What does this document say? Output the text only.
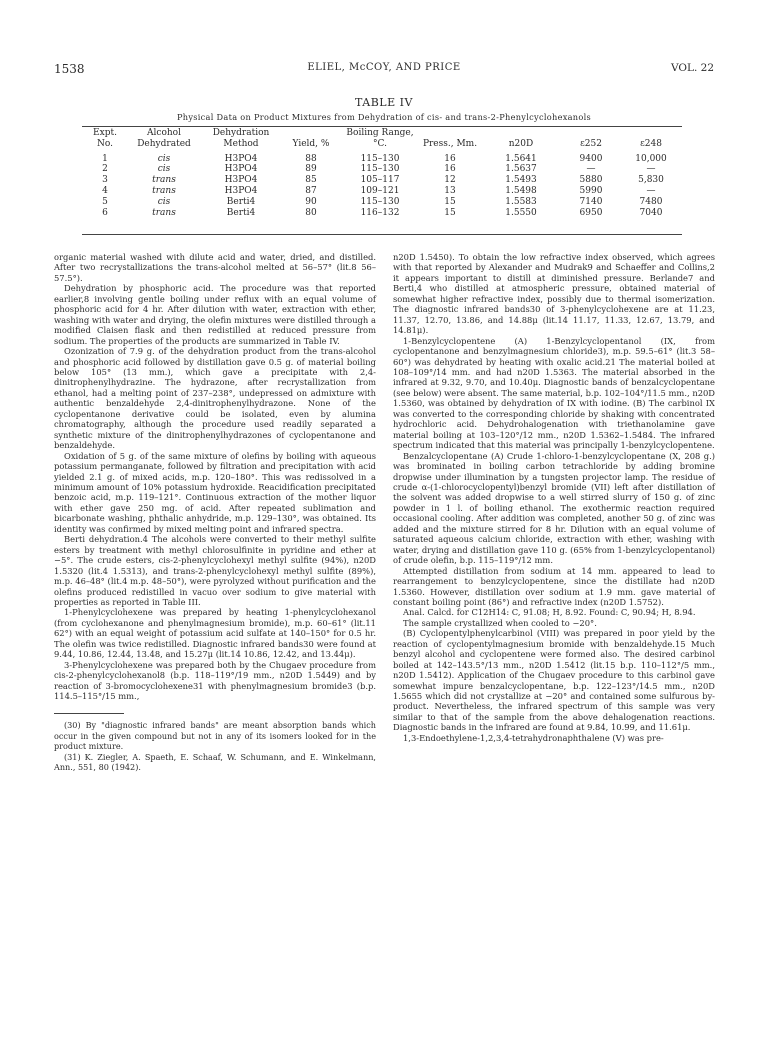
1538	ELIEL, McCOY, AND PRICE	VOL. 22
TABLE IV
Physical Data on Product Mixtures from Dehydration of cis- and trans-2-Phenylcyclohexanols
Expt. No.	Alcohol Dehydrated	Dehydration Method	Yield, %	Boiling Range, °C.	Press., Mm.	n20D	ε252	ε248
1	cis	H3PO4	88	115–130	16	1.5641	9400	10,000
2	cis	H3PO4	89	115–130	16	1.5637	—	—
3	trans	H3PO4	85	105–117	12	1.5493	5880	5,830
4	trans	H3PO4	87	109–121	13	1.5498	5990	—
5	cis	Berti4	90	115–130	15	1.5583	7140	7480
6	trans	Berti4	80	116–132	15	1.5550	6950	7040

organic material washed with dilute acid and water, dried, and distilled. After two recrystallizations the trans-alcohol melted at 56–57° (lit.8 56–57.5°).

Dehydration by phosphoric acid. The procedure was that reported earlier,8 involving gentle boiling under reflux with an equal volume of phosphoric acid for 4 hr. After dilution with water, extraction with ether, washing with water and drying, the olefin mixtures were distilled through a modified Claisen flask and then redistilled at reduced pressure from sodium. The properties of the products are summarized in Table IV.

Ozonization of 7.9 g. of the dehydration product from the trans-alcohol and phosphoric acid followed by distillation gave 0.5 g. of material boiling below 105° (13 mm.), which gave a precipitate with 2,4-dinitrophenylhydrazine. The hydrazone, after recrystallization from ethanol, had a melting point of 237–238°, undepressed on admixture with authentic benzaldehyde 2,4-dinitrophenylhydrazone. None of the cyclopentanone derivative could be isolated, even by alumina chromatography, although the procedure used readily separated a synthetic mixture of the dinitrophenylhydrazones of cyclopentanone and benzaldehyde.

Oxidation of 5 g. of the same mixture of olefins by boiling with aqueous potassium permanganate, followed by filtration and precipitation with acid yielded 2.1 g. of mixed acids, m.p. 120–180°. This was redissolved in a minimum amount of 10% potassium hydroxide. Reacidification precipitated benzoic acid, m.p. 119–121°. Continuous extraction of the mother liquor with ether gave 250 mg. of acid. After repeated sublimation and bicarbonate washing, phthalic anhydride, m.p. 129–130°, was obtained. Its identity was confirmed by mixed melting point and infrared spectra.

Berti dehydration.4 The alcohols were converted to their methyl sulfite esters by treatment with methyl chlorosulfinite in pyridine and ether at −5°. The crude esters, cis-2-phenylcyclohexyl methyl sulfite (94%), n20D 1.5320 (lit.4 1.5313), and trans-2-phenylcyclohexyl methyl sulfite (89%), m.p. 46–48° (lit.4 m.p. 48–50°), were pyrolyzed without purification and the olefins produced redistilled in vacuo over sodium to give material with properties as reported in Table III.

1-Phenylcyclohexene was prepared by heating 1-phenylcyclohexanol (from cyclohexanone and phenylmagnesium bromide), m.p. 60–61° (lit.11 62°) with an equal weight of potassium acid sulfate at 140–150° for 0.5 hr. The olefin was twice redistilled. Diagnostic infrared bands30 were found at 9.44, 10.86, 12.44, 13.48, and 15.27μ (lit.14 10.86, 12.42, and 13.44μ).

3-Phenylcyclohexene was prepared both by the Chugaev procedure from cis-2-phenylcyclohexanol8 (b.p. 118–119°/19 mm., n20D 1.5449) and by reaction of 3-bromocyclohexene31 with phenylmagnesium bromide3 (b.p. 114.5–115°/15 mm.,

(30) By "diagnostic infrared bands" are meant absorption bands which occur in the given compound but not in any of its isomers looked for in the product mixture.

(31) K. Ziegler, A. Spaeth, E. Schaaf, W. Schumann, and E. Winkelmann, Ann., 551, 80 (1942).

n20D 1.5450). To obtain the low refractive index observed, which agrees with that reported by Alexander and Mudrak9 and Schaeffer and Collins,2 it appears important to distill at diminished pressure. Berlande7 and Berti,4 who distilled at atmospheric pressure, obtained material of somewhat higher refractive index, possibly due to thermal isomerization. The diagnostic infrared bands30 of 3-phenylcyclohexene are at 11.23, 11.37, 12.70, 13.86, and 14.88μ (lit.14 11.17, 11.33, 12.67, 13.79, and 14.81μ).

1-Benzylcyclopentene (A) 1-Benzylcyclopentanol (IX, from cyclopentanone and benzylmagnesium chloride3), m.p. 59.5–61° (lit.3 58–60°) was dehydrated by heating with oxalic acid.21 The material boiled at 108–109°/14 mm. and had n20D 1.5363. The material absorbed in the infrared at 9.32, 9.70, and 10.40μ. Diagnostic bands of benzalcyclopentane (see below) were absent. The same material, b.p. 102–104°/11.5 mm., n20D 1.5360, was obtained by dehydration of IX with iodine. (B) The carbinol IX was converted to the corresponding chloride by shaking with concentrated hydrochloric acid. Dehydrohalogenation with triethanolamine gave material boiling at 103–120°/12 mm., n20D 1.5362–1.5484. The infrared spectrum indicated that this material was principally 1-benzylcyclopentene.

Benzalcyclopentane (A) Crude 1-chloro-1-benzylcyclopentane (X, 208 g.) was brominated in boiling carbon tetrachloride by adding bromine dropwise under illumination by a tungsten projector lamp. The residue of crude α-(1-chlorocyclopentyl)benzyl bromide (VII) left after distillation of the solvent was added dropwise to a well stirred slurry of 150 g. of zinc powder in 1 l. of boiling ethanol. The exothermic reaction required occasional cooling. After addition was completed, another 50 g. of zinc was added and the mixture stirred for 8 hr. Dilution with an equal volume of saturated aqueous calcium chloride, extraction with ether, washing with water, drying and distillation gave 110 g. (65% from 1-benzylcyclopentanol) of crude olefin, b.p. 115–119°/12 mm.

Attempted distillation from sodium at 14 mm. appeared to lead to rearrangement to benzylcyclopentene, since the distillate had n20D 1.5360. However, distillation over sodium at 1.9 mm. gave material of constant boiling point (86°) and refractive index (n20D 1.5752).

Anal. Calcd. for C12H14: C, 91.08; H, 8.92. Found: C, 90.94; H, 8.94.

The sample crystallized when cooled to −20°.

(B) Cyclopentylphenylcarbinol (VIII) was prepared in poor yield by the reaction of cyclopentylmagnesium bromide with benzaldehyde.15 Much benzyl alcohol and cyclopentene were formed also. The desired carbinol boiled at 142–143.5°/13 mm., n20D 1.5412 (lit.15 b.p. 110–112°/5 mm., n20D 1.5412). Application of the Chugaev procedure to this carbinol gave somewhat impure benzalcyclopentane, b.p. 122–123°/14.5 mm., n20D 1.5655 which did not crystallize at −20° and contained some sulfurous by-product. Nevertheless, the infrared spectrum of this sample was very similar to that of the sample from the above dehalogenation reactions. Diagnostic bands in the infrared are found at 9.84, 10.99, and 11.61μ.

1,3-Endoethylene-1,2,3,4-tetrahydronaphthalene (V) was pre-
